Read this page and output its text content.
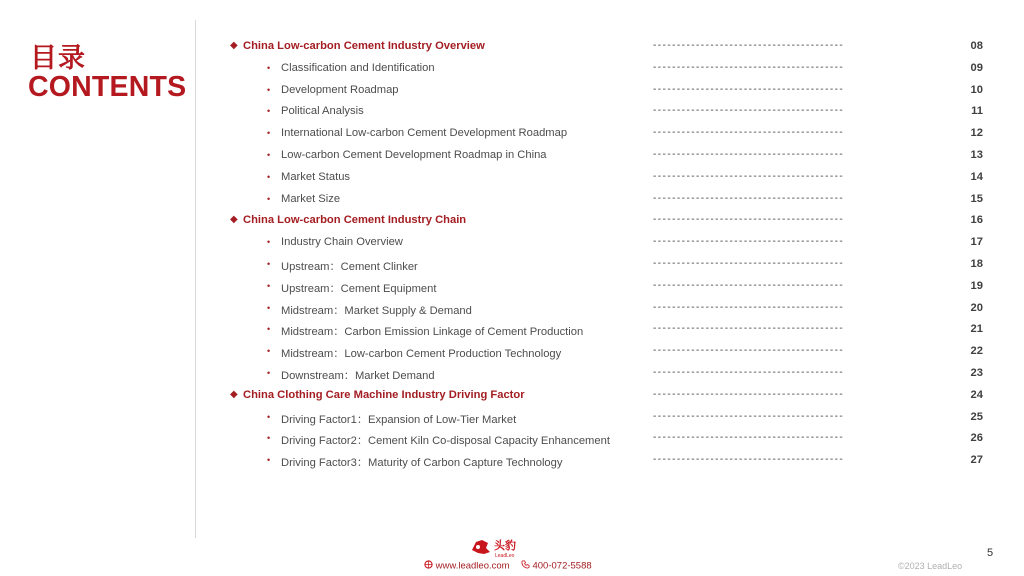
目录
CONTENTS
◆ China Low-carbon Cement Industry Overview	----------------------------------------	08
• Classification and Identification	----------------------------------------	09
• Development Roadmap	----------------------------------------	10
• Political Analysis	----------------------------------------	11
• International Low-carbon Cement Development Roadmap	----------------------------------------	12
• Low-carbon Cement Development Roadmap in China	----------------------------------------	13
• Market Status	----------------------------------------	14
• Market Size	----------------------------------------	15
◆ China Low-carbon Cement Industry Chain	----------------------------------------	16
• Industry Chain Overview	----------------------------------------	17
• Upstream：Cement Clinker	----------------------------------------	18
• Upstream：Cement Equipment	----------------------------------------	19
• Midstream：Market Supply & Demand	----------------------------------------	20
• Midstream：Carbon Emission Linkage of Cement Production	----------------------------------------	21
• Midstream：Low-carbon Cement Production Technology	----------------------------------------	22
• Downstream：Market Demand	----------------------------------------	23
◆ China Clothing Care Machine Industry Driving Factor	----------------------------------------	24
• Driving Factor1：Expansion of Low-Tier Market	----------------------------------------	25
• Driving Factor2：Cement Kiln Co-disposal Capacity Enhancement	----------------------------------------	26
• Driving Factor3：Maturity of Carbon Capture Technology	----------------------------------------	27
头豹
LeadLeo
www.leadleo.com 400-072-5588
5
©2023 LeadLeo
